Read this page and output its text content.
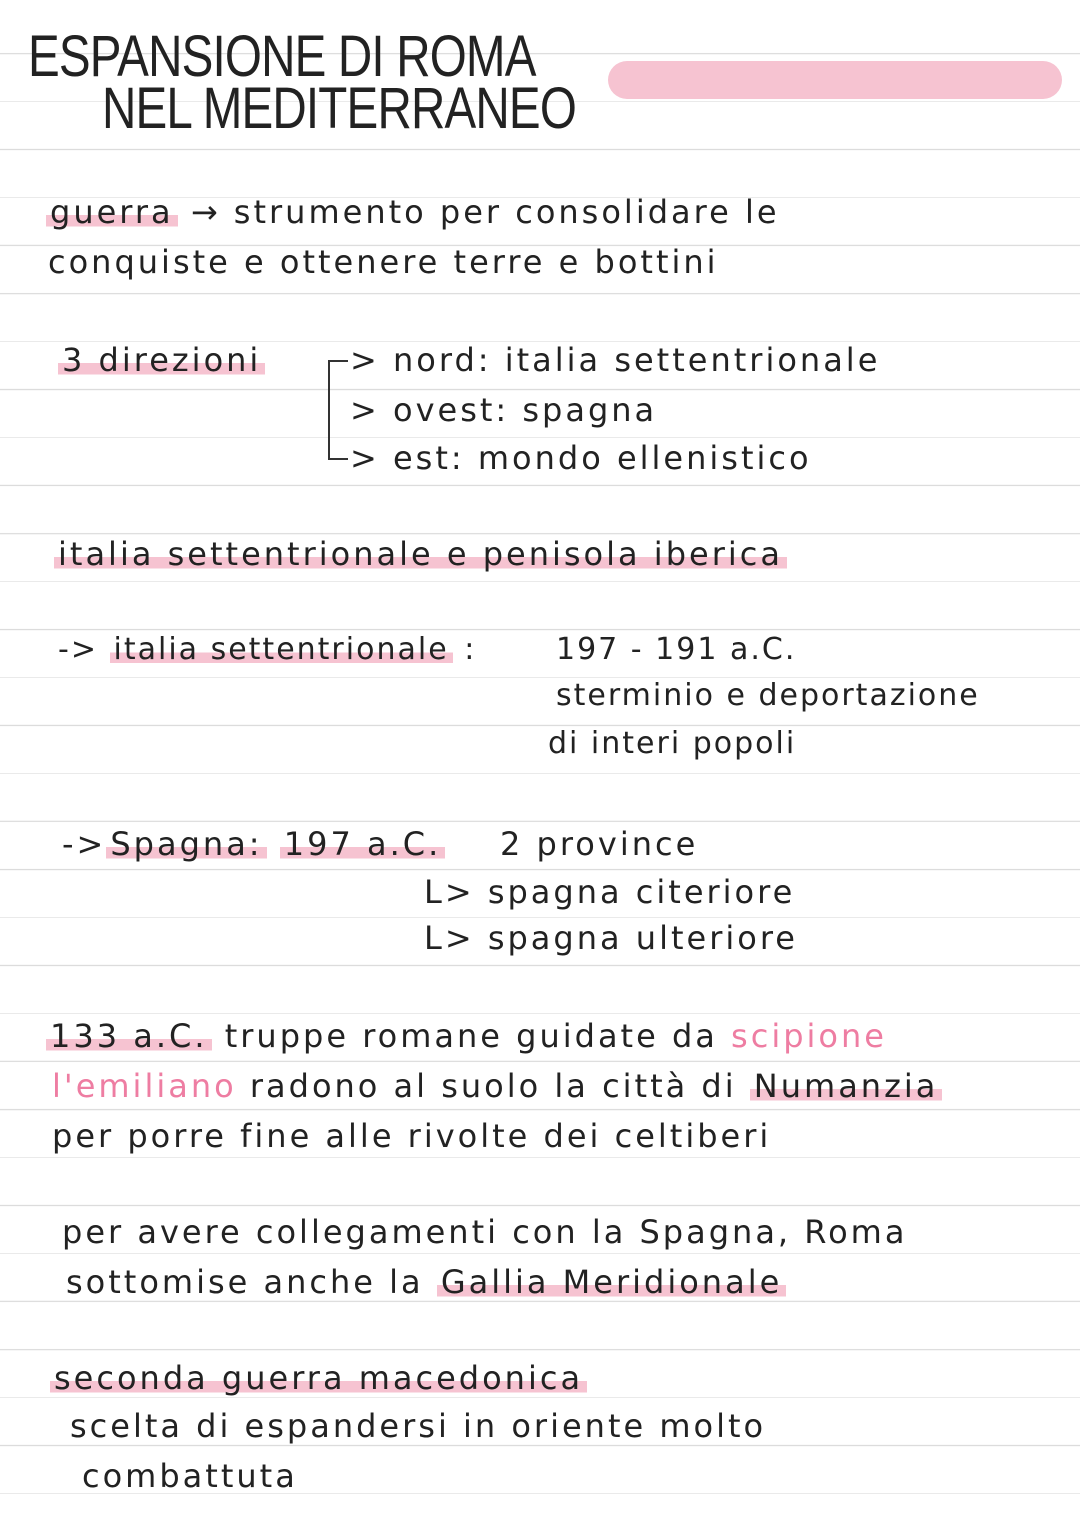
ESPANSIONE DI ROMA
NEL MEDITERRANEO
guerra → strumento per consolidare le
conquiste e ottenere terre e bottini
3 direzioni	> nord: italia settentrionale
> ovest: spagna
> est: mondo ellenistico
italia settentrionale e penisola iberica
-> italia settentrionale :	197 - 191 a.C.
sterminio e deportazione
di interi popoli
-> Spagna: 197 a.C. 2 province
L> spagna citeriore
L> spagna ulteriore
133 a.C. truppe romane guidate da scipione
l'emiliano radono al suolo la città di Numanzia
per porre fine alle rivolte dei celtiberi
per avere collegamenti con la Spagna, Roma
sottomise anche la Gallia Meridionale
seconda guerra macedonica
scelta di espandersi in oriente molto
combattuta
